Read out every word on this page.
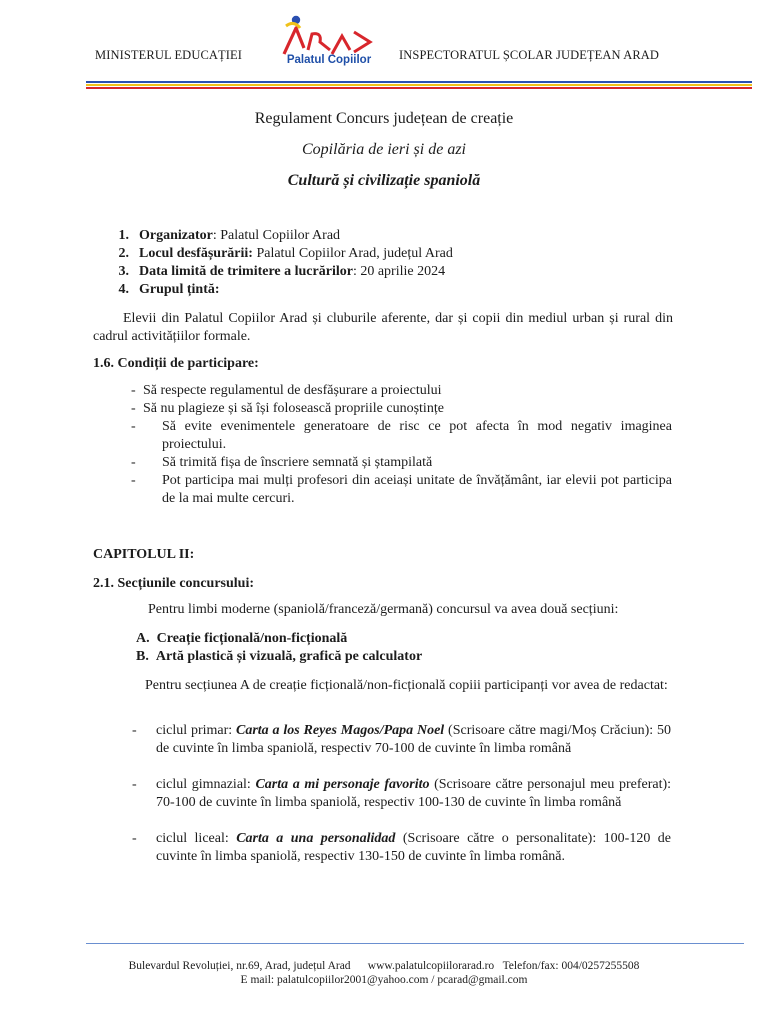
MINISTERUL EDUCAȚIEI	Palatul Copiilor	INSPECTORATUL ȘCOLAR JUDEȚEAN ARAD
Regulament Concurs județean de creație
Copilăria de ieri și de azi
Cultură și civilizație spaniolă
1. Organizator: Palatul Copiilor Arad
2. Locul desfășurării: Palatul Copiilor Arad, județul Arad
3. Data limită de trimitere a lucrărilor: 20 aprilie 2024
4. Grupul țintă:

Elevii din Palatul Copiilor Arad și cluburile aferente, dar și copii din mediul urban și rural din cadrul activitățiilor formale.

1.6. Condiții de participare:
- Să respecte regulamentul de desfășurare a proiectului
- Să nu plagieze și să își folosească propriile cunoștințe
- Să evite evenimentele generatoare de risc ce pot afecta în mod negativ imaginea proiectului.
- Să trimită fișa de înscriere semnată și ștampilată
- Pot participa mai mulți profesori din aceiași unitate de învățământ, iar elevii pot participa de la mai multe cercuri.
CAPITOLUL II:
2.1. Secțiunile concursului:
Pentru limbi moderne (spaniolă/franceză/germană) concursul va avea două secțiuni:
A. Creație ficțională/non-ficțională
B. Artă plastică și vizuală, grafică pe calculator

Pentru secțiunea A de creație ficțională/non-ficțională copiii participanți vor avea de redactat:

- ciclul primar: Carta a los Reyes Magos/Papa Noel (Scrisoare către magi/Moș Crăciun): 50 de cuvinte în limba spaniolă, respectiv 70-100 de cuvinte în limba română
- ciclul gimnazial: Carta a mi personaje favorito (Scrisoare către personajul meu preferat): 70-100 de cuvinte în limba spaniolă, respectiv 100-130 de cuvinte în limba română
- ciclul liceal: Carta a una personalidad (Scrisoare către o personalitate): 100-120 de cuvinte în limba spaniolă, respectiv 130-150 de cuvinte în limba română.
Bulevardul Revoluției, nr.69, Arad, județul Arad      www.palatulcopiilorarad.ro   Telefon/fax: 004/0257255508
E mail: palatulcopiilor2001@yahoo.com / pcarad@gmail.com
